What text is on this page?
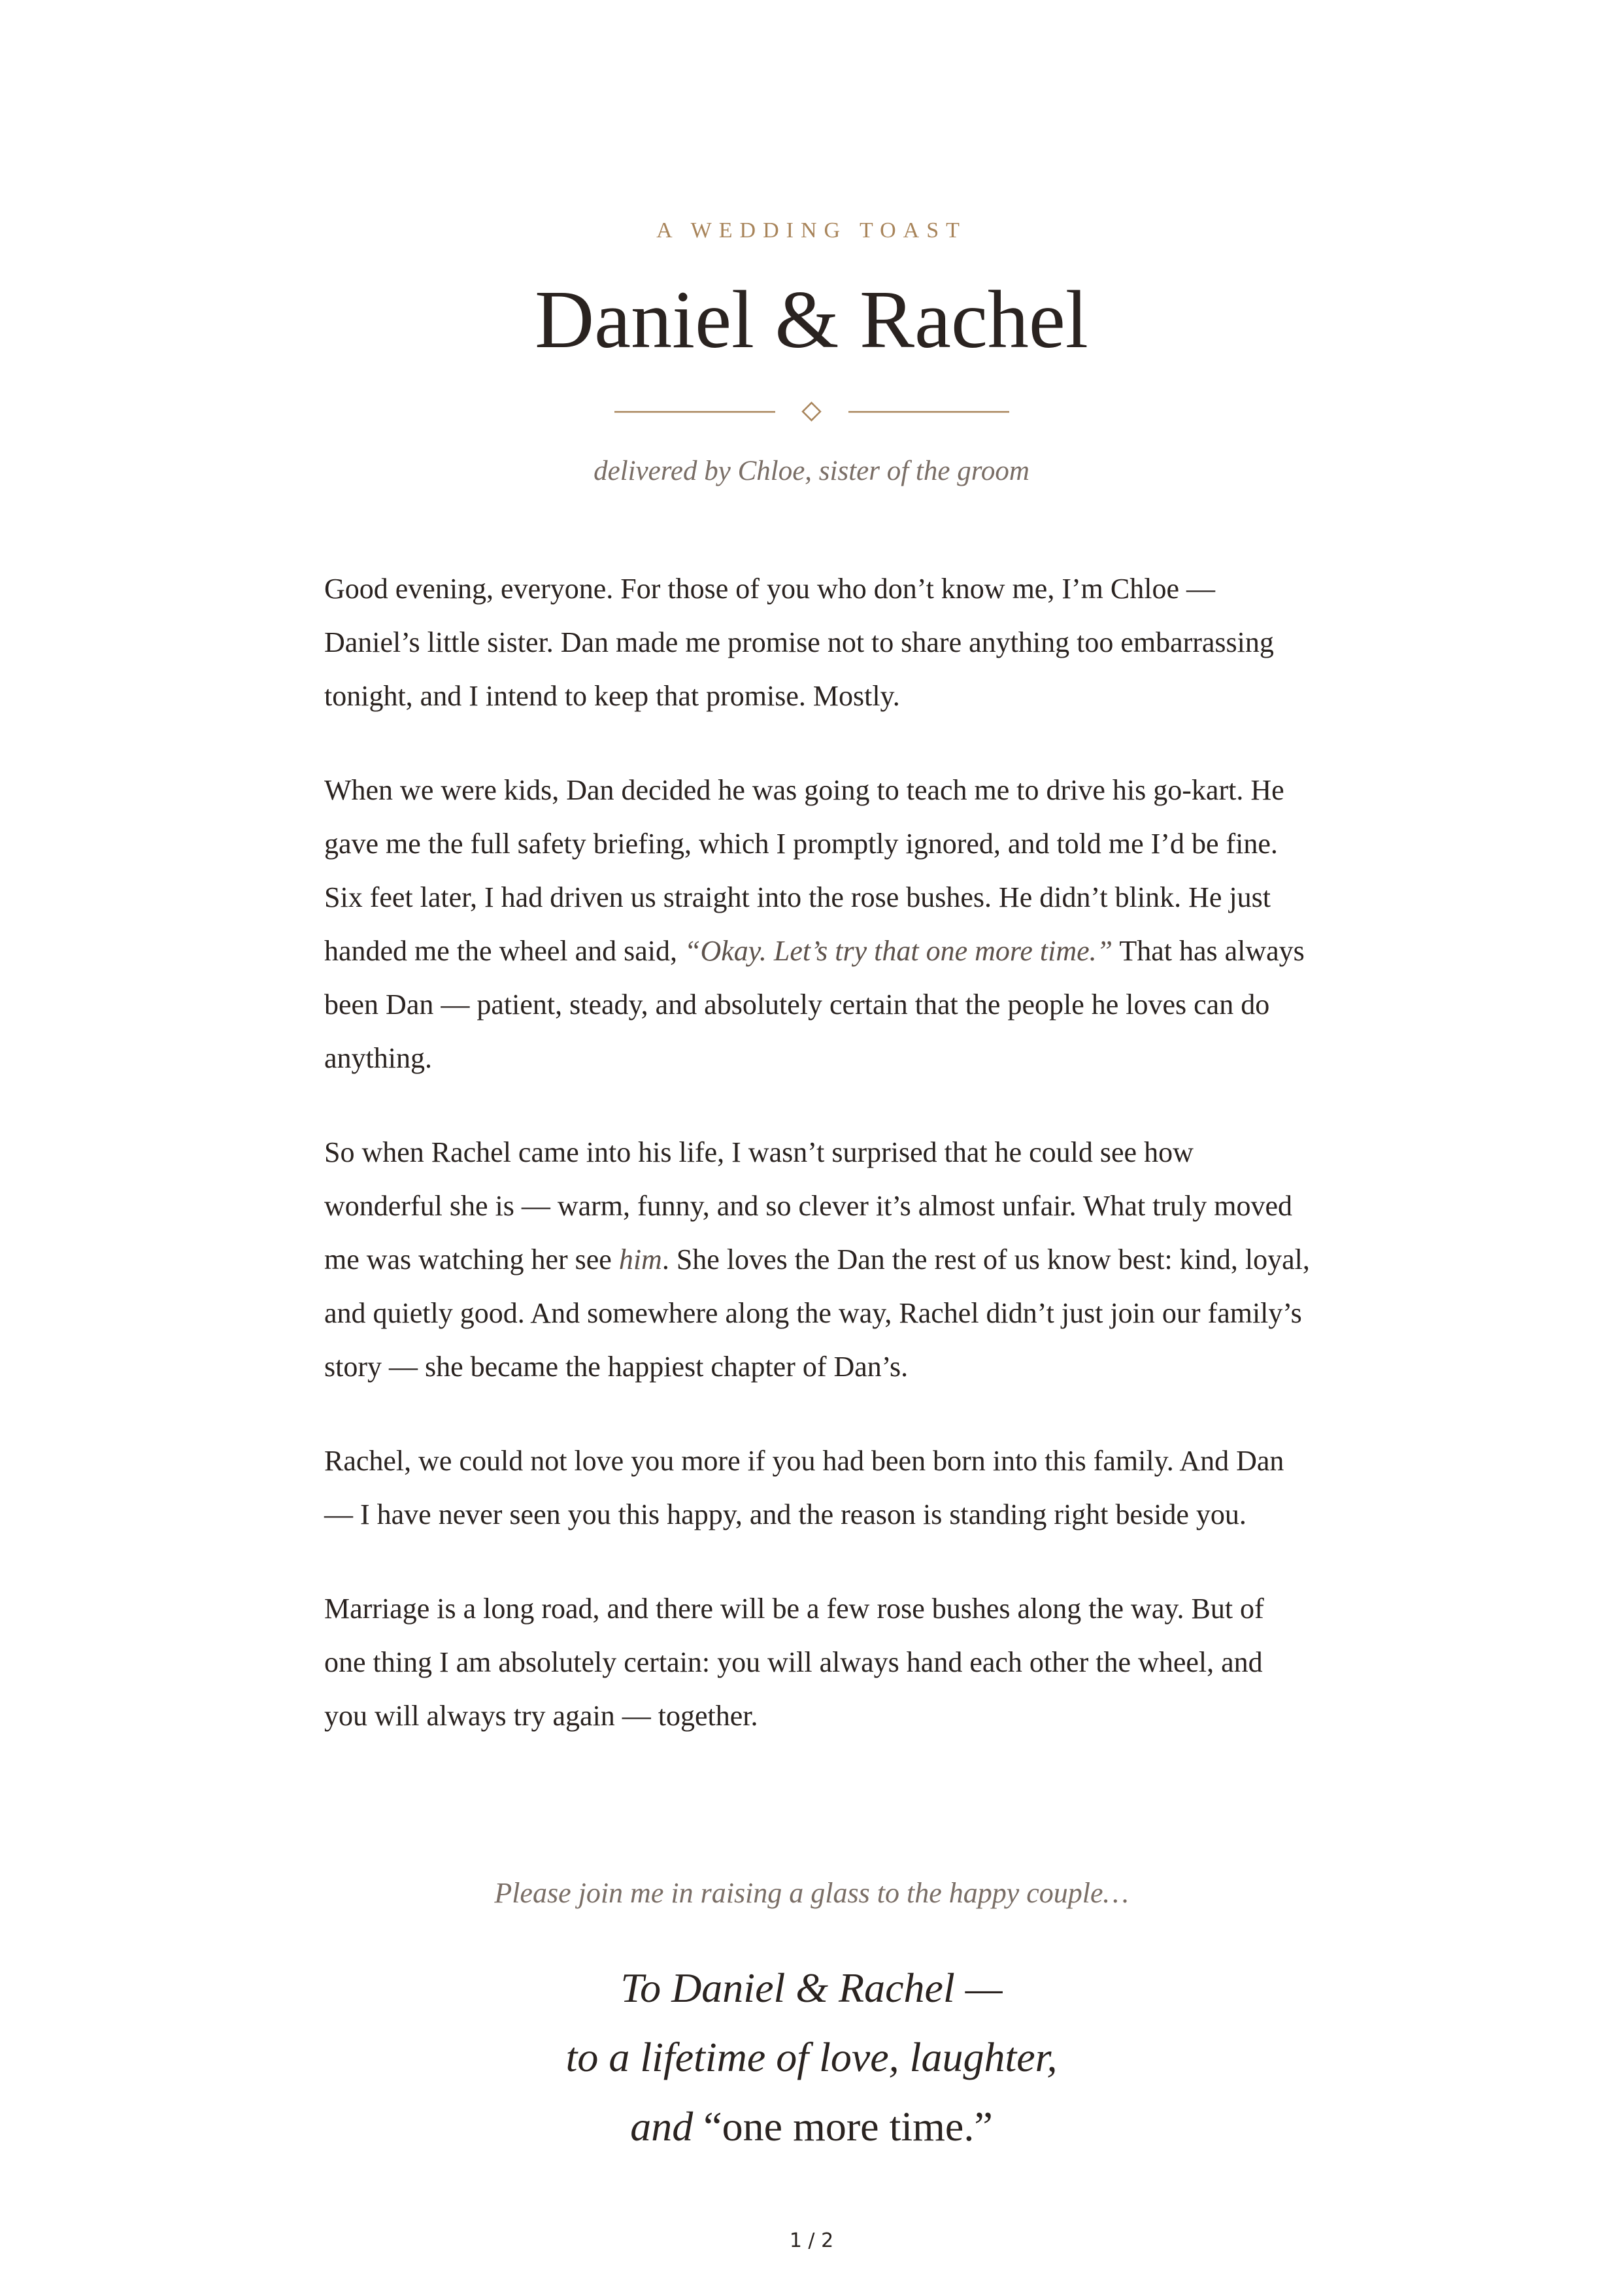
A WEDDING TOAST
Daniel & Rachel
delivered by Chloe, sister of the groom

Good evening, everyone. For those of you who don’t know me, I’m Chloe — Daniel’s little sister. Dan made me promise not to share anything too embarrassing tonight, and I intend to keep that promise. Mostly.

When we were kids, Dan decided he was going to teach me to drive his go-kart. He gave me the full safety briefing, which I promptly ignored, and told me I’d be fine. Six feet later, I had driven us straight into the rose bushes. He didn’t blink. He just handed me the wheel and said, “Okay. Let’s try that one more time.” That has always been Dan — patient, steady, and absolutely certain that the people he loves can do anything.

So when Rachel came into his life, I wasn’t surprised that he could see how wonderful she is — warm, funny, and so clever it’s almost unfair. What truly moved me was watching her see him. She loves the Dan the rest of us know best: kind, loyal, and quietly good. And somewhere along the way, Rachel didn’t just join our family’s story — she became the happiest chapter of Dan’s.

Rachel, we could not love you more if you had been born into this family. And Dan — I have never seen you this happy, and the reason is standing right beside you.

Marriage is a long road, and there will be a few rose bushes along the way. But of one thing I am absolutely certain: you will always hand each other the wheel, and you will always try again — together.

Please join me in raising a glass to the happy couple…
To Daniel & Rachel —
to a lifetime of love, laughter,
and “one more time.”
1 / 2
